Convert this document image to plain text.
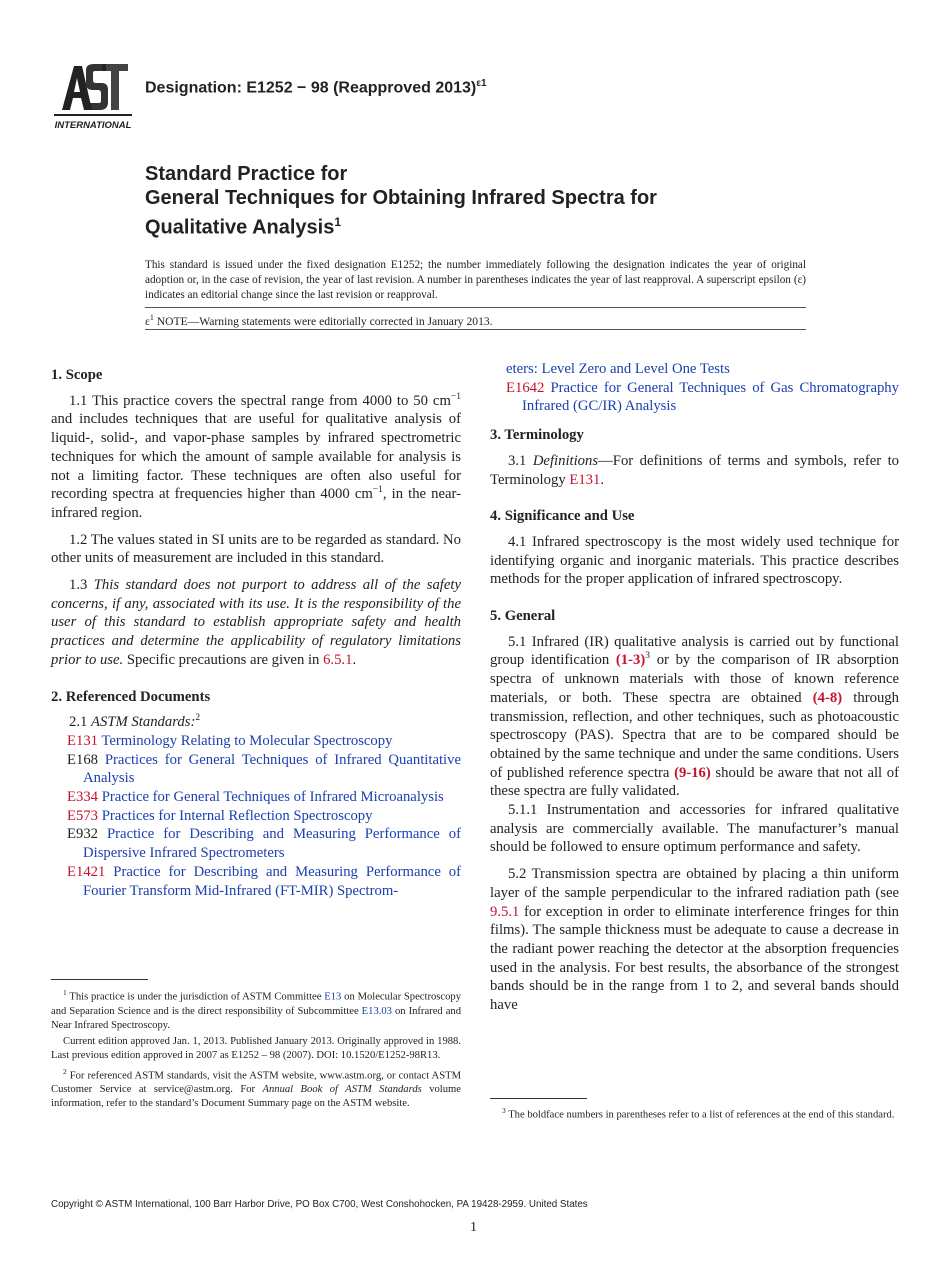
INTERNATIONAL
Designation: E1252 − 98 (Reapproved 2013)$^{\varepsilon 1}$
Standard Practice for
General Techniques for Obtaining Infrared Spectra for
Qualitative Analysis$^1$
This standard is issued under the fixed designation E1252; the number immediately following the designation indicates the year of original adoption or, in the case of revision, the year of last revision. A number in parentheses indicates the year of last reapproval. A superscript epsilon (ε) indicates an editorial change since the last revision or reapproval.
$\varepsilon^1$ NOTE—Warning statements were editorially corrected in January 2013.
1. Scope
1.1 This practice covers the spectral range from 4000 to 50 $cm^{-1}$ and includes techniques that are useful for qualitative analysis of liquid-, solid-, and vapor-phase samples by infrared spectrometric techniques for which the amount of sample available for analysis is not a limiting factor. These techniques are often also useful for recording spectra at frequencies higher than 4000 $cm^{-1}$, in the near-infrared region.
1.2 The values stated in SI units are to be regarded as standard. No other units of measurement are included in this standard.
1.3 This standard does not purport to address all of the safety concerns, if any, associated with its use. It is the responsibility of the user of this standard to establish appropriate safety and health practices and determine the applicability of regulatory limitations prior to use. Specific precautions are given in 6.5.1.
2. Referenced Documents
2.1 ASTM Standards:$^2$
E131 Terminology Relating to Molecular Spectroscopy
E168 Practices for General Techniques of Infrared Quantitative Analysis
E334 Practice for General Techniques of Infrared Microanalysis
E573 Practices for Internal Reflection Spectroscopy
E932 Practice for Describing and Measuring Performance of Dispersive Infrared Spectrometers
E1421 Practice for Describing and Measuring Performance of Fourier Transform Mid-Infrared (FT-MIR) Spectrom-
$^1$ This practice is under the jurisdiction of ASTM Committee E13 on Molecular Spectroscopy and Separation Science and is the direct responsibility of Subcommittee E13.03 on Infrared and Near Infrared Spectroscopy.
Current edition approved Jan. 1, 2013. Published January 2013. Originally approved in 1988. Last previous edition approved in 2007 as E1252 – 98 (2007). DOI: 10.1520/E1252-98R13.
$^2$ For referenced ASTM standards, visit the ASTM website, www.astm.org, or contact ASTM Customer Service at service@astm.org. For Annual Book of ASTM Standards volume information, refer to the standard’s Document Summary page on the ASTM website.
eters: Level Zero and Level One Tests
E1642 Practice for General Techniques of Gas Chromatography Infrared (GC/IR) Analysis
3. Terminology
3.1 Definitions—For definitions of terms and symbols, refer to Terminology E131.
4. Significance and Use
4.1 Infrared spectroscopy is the most widely used technique for identifying organic and inorganic materials. This practice describes methods for the proper application of infrared spectroscopy.
5. General
5.1 Infrared (IR) qualitative analysis is carried out by functional group identification $(1-3)^3$ or by the comparison of IR absorption spectra of unknown materials with those of known reference materials, or both. These spectra are obtained (4-8) through transmission, reflection, and other techniques, such as photoacoustic spectroscopy (PAS). Spectra that are to be compared should be obtained by the same technique and under the same conditions. Users of published reference spectra (9-16) should be aware that not all of these spectra are fully validated.
5.1.1 Instrumentation and accessories for infrared qualitative analysis are commercially available. The manufacturer’s manual should be followed to ensure optimum performance and safety.
5.2 Transmission spectra are obtained by placing a thin uniform layer of the sample perpendicular to the infrared radiation path (see 9.5.1 for exception in order to eliminate interference fringes for thin films). The sample thickness must be adequate to cause a decrease in the radiant power reaching the detector at the absorption frequencies used in the analysis. For best results, the absorbance of the strongest bands should be in the range from 1 to 2, and several bands should have
$^3$ The boldface numbers in parentheses refer to a list of references at the end of this standard.
Copyright © ASTM International, 100 Barr Harbor Drive, PO Box C700, West Conshohocken, PA 19428-2959. United States
1
